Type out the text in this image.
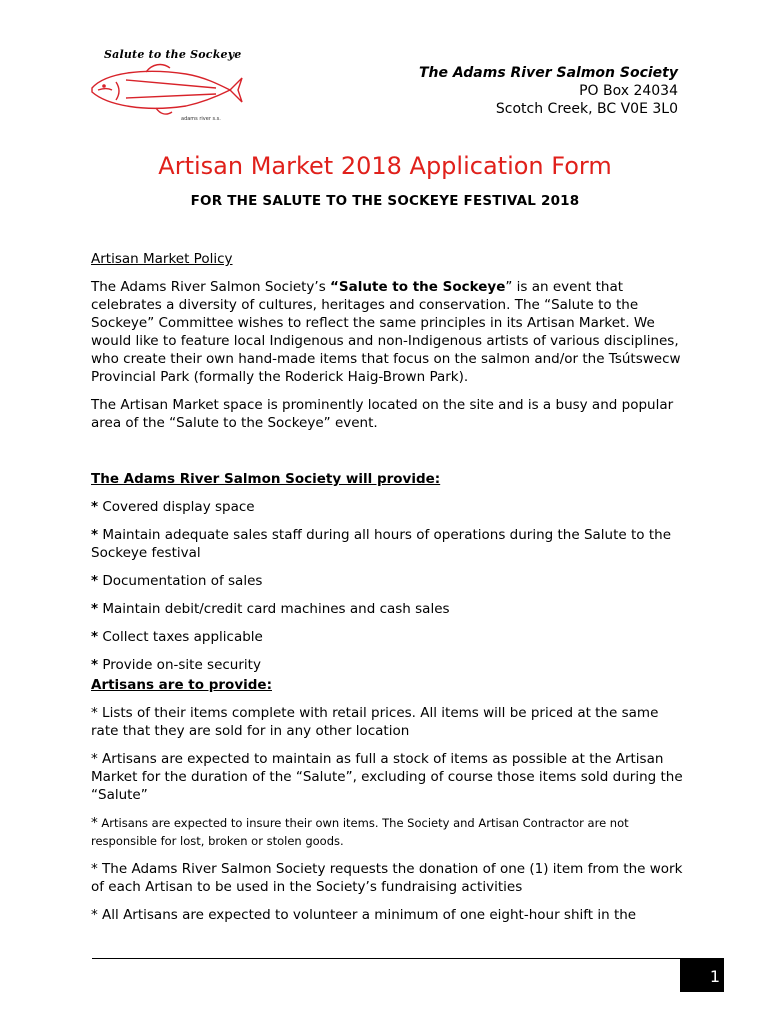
Salute to the Sockeye
adams river s.s.
The Adams River Salmon Society
PO Box 24034
Scotch Creek, BC V0E 3L0
Artisan Market 2018 Application Form
FOR THE SALUTE TO THE SOCKEYE FESTIVAL 2018

Artisan Market Policy

The Adams River Salmon Society’s “Salute to the Sockeye” is an event that celebrates a diversity of cultures, heritages and conservation. The “Salute to the Sockeye” Committee wishes to reflect the same principles in its Artisan Market. We would like to feature local Indigenous and non-Indigenous artists of various disciplines, who create their own hand-made items that focus on the salmon and/or the Tsútswecw Provincial Park (formally the Roderick Haig-Brown Park).

The Artisan Market space is prominently located on the site and is a busy and popular area of the “Salute to the Sockeye” event.

The Adams River Salmon Society will provide:

* Covered display space

* Maintain adequate sales staff during all hours of operations during the Salute to the Sockeye festival

* Documentation of sales

* Maintain debit/credit card machines and cash sales

* Collect taxes applicable

* Provide on-site security

Artisans are to provide:

* Lists of their items complete with retail prices. All items will be priced at the same rate that they are sold for in any other location

* Artisans are expected to maintain as full a stock of items as possible at the Artisan Market for the duration of the “Salute”, excluding of course those items sold during the “Salute”

* Artisans are expected to insure their own items. The Society and Artisan Contractor are not responsible for lost, broken or stolen goods.

* The Adams River Salmon Society requests the donation of one (1) item from the work of each Artisan to be used in the Society’s fundraising activities

* All Artisans are expected to volunteer a minimum of one eight-hour shift in the

1
